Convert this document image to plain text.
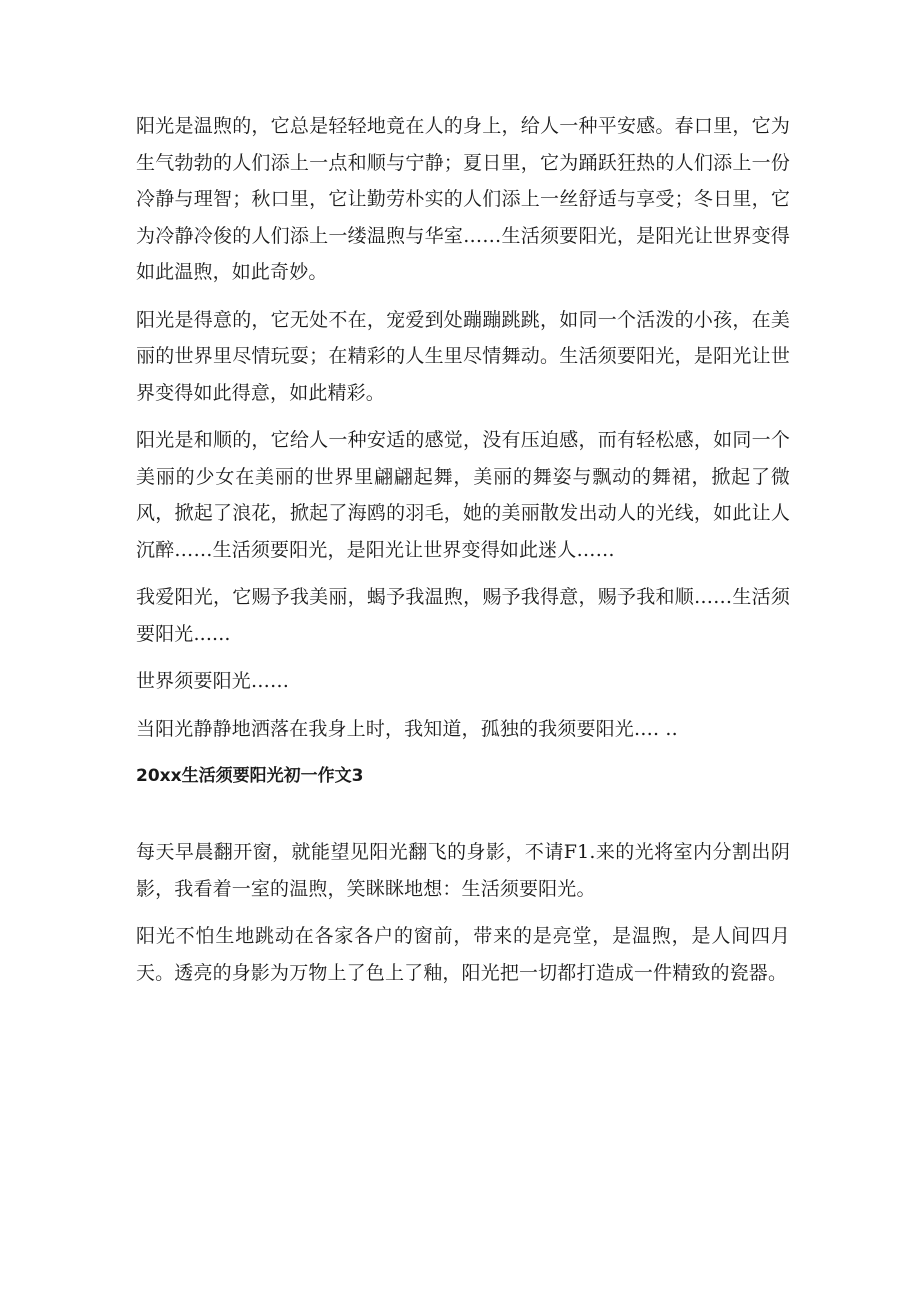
阳光是温煦的，它总是轻轻地竟在人的身上，给人一种平安感。春口里，它为生气勃勃的人们添上一点和顺与宁静；夏日里，它为踊跃狂热的人们添上一份冷静与理智；秋口里，它让勤劳朴实的人们添上一丝舒适与享受；冬日里，它为冷静冷俊的人们添上一缕温煦与华室……生活须要阳光，是阳光让世界变得如此温煦，如此奇妙。

阳光是得意的，它无处不在，宠爱到处蹦蹦跳跳，如同一个活泼的小孩，在美丽的世界里尽情玩耍；在精彩的人生里尽情舞动。生活须要阳光，是阳光让世界变得如此得意，如此精彩。

阳光是和顺的，它给人一种安适的感觉，没有压迫感，而有轻松感，如同一个美丽的少女在美丽的世界里翩翩起舞，美丽的舞姿与飘动的舞裙，掀起了微风，掀起了浪花，掀起了海鸥的羽毛，她的美丽散发出动人的光线，如此让人沉醉……生活须要阳光，是阳光让世界变得如此迷人……

我爱阳光，它赐予我美丽，蝎予我温煦，赐予我得意，赐予我和顺……生活须要阳光......

世界须要阳光……

当阳光静静地洒落在我身上时，我知道，孤独的我须要阳光…. ..

20xx生活须要阳光初一作文3

每天早晨翻开窗，就能望见阳光翻飞的身影，不请F1.来的光将室内分割出阴影，我看着一室的温煦，笑眯眯地想：生活须要阳光。

阳光不怕生地跳动在各家各户的窗前，带来的是亮堂，是温煦，是人间四月天。透亮的身影为万物上了色上了釉，阳光把一切都打造成一件精致的瓷器。
